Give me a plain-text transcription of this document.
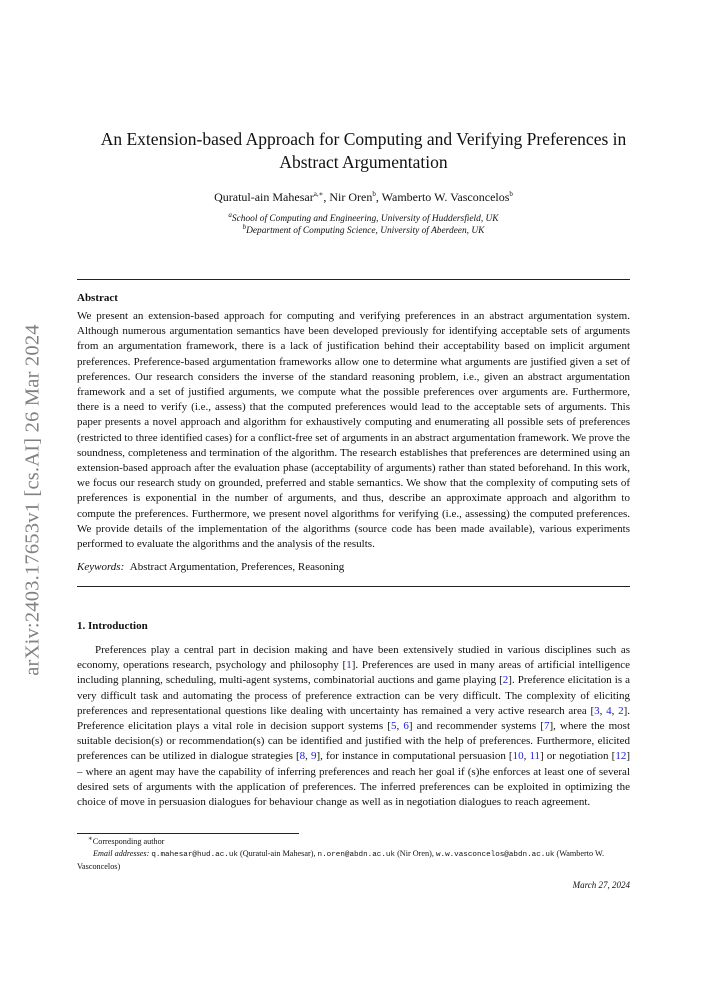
arXiv:2403.17653v1 [cs.AI] 26 Mar 2024
An Extension-based Approach for Computing and Verifying Preferences in
Abstract Argumentation
Quratul-ain Mahesar$^{a,∗}$, Nir Oren$^b$, Wamberto W. Vasconcelos$^b$
$^a$School of Computing and Engineering, University of Huddersfield, UK
$^b$Department of Computing Science, University of Aberdeen, UK
Abstract

We present an extension-based approach for computing and verifying preferences in an abstract argumentation system. Although numerous argumentation semantics have been developed previously for identifying acceptable sets of arguments from an argumentation framework, there is a lack of justification behind their acceptability based on implicit argument preferences. Preference-based argumentation frameworks allow one to determine what arguments are justified given a set of preferences. Our research considers the inverse of the standard reasoning problem, i.e., given an abstract argumentation framework and a set of justified arguments, we compute what the possible preferences over arguments are. Furthermore, there is a need to verify (i.e., assess) that the computed preferences would lead to the acceptable sets of arguments. This paper presents a novel approach and algorithm for exhaustively computing and enumerating all possible sets of preferences (restricted to three identified cases) for a conflict-free set of arguments in an abstract argumentation framework. We prove the soundness, completeness and termination of the algorithm. The research establishes that preferences are determined using an extension-based approach after the evaluation phase (acceptability of arguments) rather than stated beforehand. In this work, we focus our research study on grounded, preferred and stable semantics. We show that the complexity of computing sets of preferences is exponential in the number of arguments, and thus, describe an approximate approach and algorithm to compute the preferences. Furthermore, we present novel algorithms for verifying (i.e., assessing) the computed preferences. We provide details of the implementation of the algorithms (source code has been made available), various experiments performed to evaluate the algorithms and the analysis of the results.

Keywords: Abstract Argumentation, Preferences, Reasoning
1. Introduction

Preferences play a central part in decision making and have been extensively studied in various disciplines such as economy, operations research, psychology and philosophy [1]. Preferences are used in many areas of artificial intelligence including planning, scheduling, multi-agent systems, combinatorial auctions and game playing [2]. Preference elicitation is a very difficult task and automating the process of preference extraction can be very difficult. The complexity of eliciting preferences and representational questions like dealing with uncertainty has remained a very active research area [3, 4, 2]. Preference elicitation plays a vital role in decision support systems [5, 6] and recommender systems [7], where the most suitable decision(s) or recommendation(s) can be identified and justified with the help of preferences. Furthermore, elicited preferences can be utilized in dialogue strategies [8, 9], for instance in computational persuasion [10, 11] or negotiation [12] – where an agent may have the capability of inferring preferences and reach her goal if (s)he enforces at least one of several desired sets of arguments with the application of preferences. The inferred preferences can be exploited in optimizing the choice of move in persuasion dialogues for behaviour change as well as in negotiation dialogues to reach agreement.

∗Corresponding author

Email addresses: q.mahesar@hud.ac.uk (Quratul-ain Mahesar), n.oren@abdn.ac.uk (Nir Oren), w.w.vasconcelos@abdn.ac.uk (Wamberto W. Vasconcelos)

March 27, 2024
